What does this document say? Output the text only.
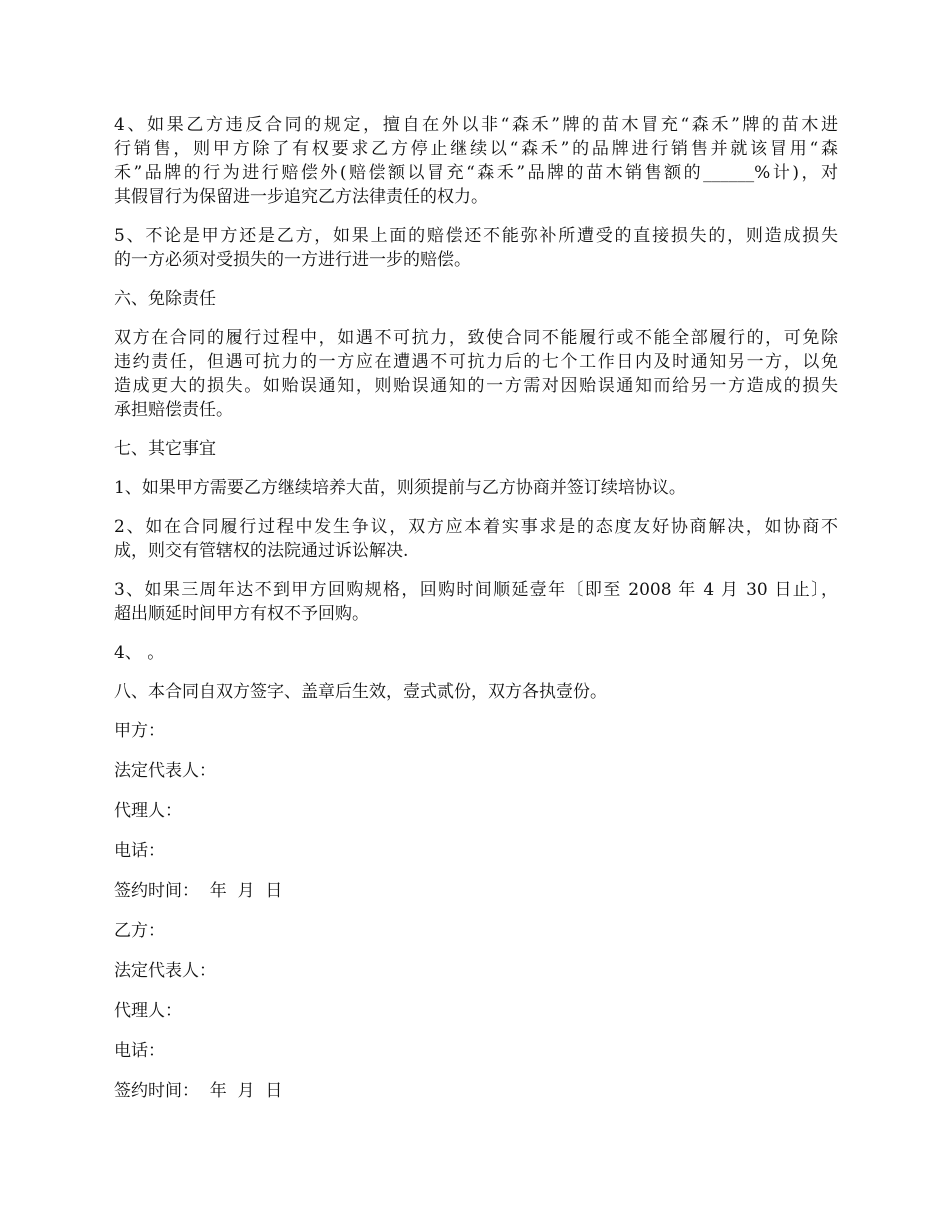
4、如果乙方违反合同的规定，擅自在外以非“森禾”牌的苗木冒充“森禾”牌的苗木进
行销售，则甲方除了有权要求乙方停止继续以“森禾”的品牌进行销售并就该冒用“森
禾”品牌的行为进行赔偿外(赔偿额以冒充“森禾”品牌的苗木销售额的______%计)，对
其假冒行为保留进一步追究乙方法律责任的权力。
5、不论是甲方还是乙方，如果上面的赔偿还不能弥补所遭受的直接损失的，则造成损失
的一方必须对受损失的一方进行进一步的赔偿。
六、免除责任
双方在合同的履行过程中，如遇不可抗力，致使合同不能履行或不能全部履行的，可免除
违约责任，但遇可抗力的一方应在遭遇不可抗力后的七个工作日内及时通知另一方，以免
造成更大的损失。如贻误通知，则贻误通知的一方需对因贻误通知而给另一方造成的损失
承担赔偿责任。
七、其它事宜
1、如果甲方需要乙方继续培养大苗，则须提前与乙方协商并签订续培协议。
2、如在合同履行过程中发生争议，双方应本着实事求是的态度友好协商解决，如协商不
成，则交有管辖权的法院通过诉讼解决.
3、如果三周年达不到甲方回购规格，回购时间顺延壹年〔即至 2008 年 4 月 30 日止〕，
超出顺延时间甲方有权不予回购。
4、 。
八、本合同自双方签字、盖章后生效，壹式贰份，双方各执壹份。
甲方：
法定代表人：
代理人：
电话：
签约时间：  年  月  日
乙方：
法定代表人：
代理人：
电话：
签约时间：  年  月  日
